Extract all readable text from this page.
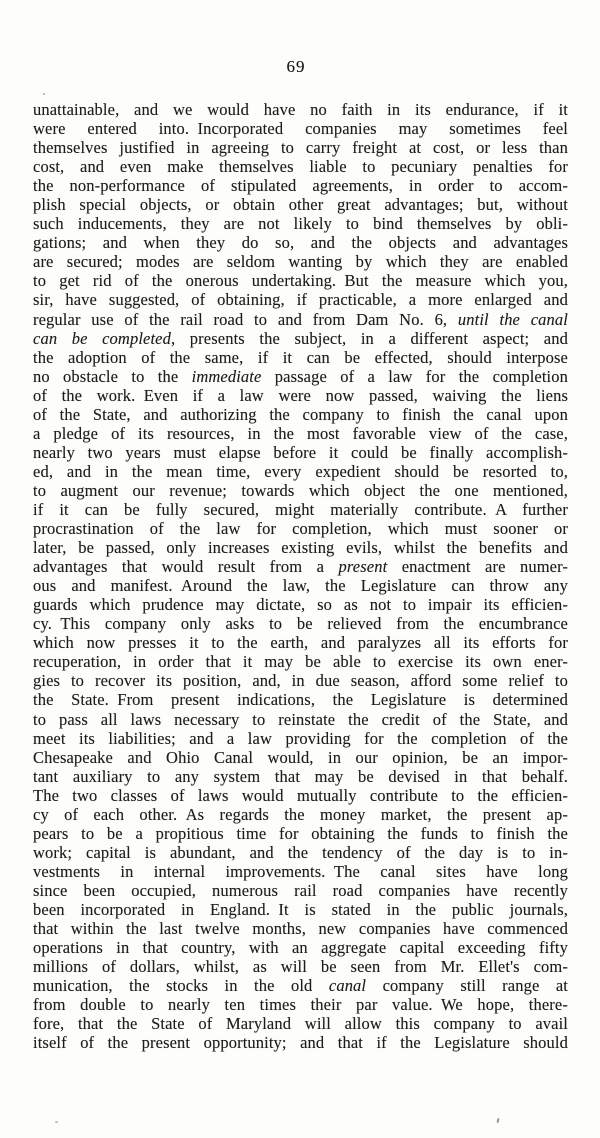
69
unattainable, and we would have no faith in its endurance, if it
were entered into. Incorporated companies may sometimes feel
themselves justified in agreeing to carry freight at cost, or less than
cost, and even make themselves liable to pecuniary penalties for
the non-performance of stipulated agreements, in order to accom-
plish special objects, or obtain other great advantages; but, without
such inducements, they are not likely to bind themselves by obli-
gations; and when they do so, and the objects and advantages
are secured; modes are seldom wanting by which they are enabled
to get rid of the onerous undertaking. But the measure which you,
sir, have suggested, of obtaining, if practicable, a more enlarged and
regular use of the rail road to and from Dam No. 6, until the canal
can be completed, presents the subject, in a different aspect; and
the adoption of the same, if it can be effected, should interpose
no obstacle to the immediate passage of a law for the completion
of the work. Even if a law were now passed, waiving the liens
of the State, and authorizing the company to finish the canal upon
a pledge of its resources, in the most favorable view of the case,
nearly two years must elapse before it could be finally accomplish-
ed, and in the mean time, every expedient should be resorted to,
to augment our revenue; towards which object the one mentioned,
if it can be fully secured, might materially contribute. A further
procrastination of the law for completion, which must sooner or
later, be passed, only increases existing evils, whilst the benefits and
advantages that would result from a present enactment are numer-
ous and manifest. Around the law, the Legislature can throw any
guards which prudence may dictate, so as not to impair its efficien-
cy. This company only asks to be relieved from the encumbrance
which now presses it to the earth, and paralyzes all its efforts for
recuperation, in order that it may be able to exercise its own ener-
gies to recover its position, and, in due season, afford some relief to
the State. From present indications, the Legislature is determined
to pass all laws necessary to reinstate the credit of the State, and
meet its liabilities; and a law providing for the completion of the
Chesapeake and Ohio Canal would, in our opinion, be an impor-
tant auxiliary to any system that may be devised in that behalf.
The two classes of laws would mutually contribute to the efficien-
cy of each other. As regards the money market, the present ap-
pears to be a propitious time for obtaining the funds to finish the
work; capital is abundant, and the tendency of the day is to in-
vestments in internal improvements. The canal sites have long
since been occupied, numerous rail road companies have recently
been incorporated in England. It is stated in the public journals,
that within the last twelve months, new companies have commenced
operations in that country, with an aggregate capital exceeding fifty
millions of dollars, whilst, as will be seen from Mr. Ellet's com-
munication, the stocks in the old canal company still range at
from double to nearly ten times their par value. We hope, there-
fore, that the State of Maryland will allow this company to avail
itself of the present opportunity; and that if the Legislature should
